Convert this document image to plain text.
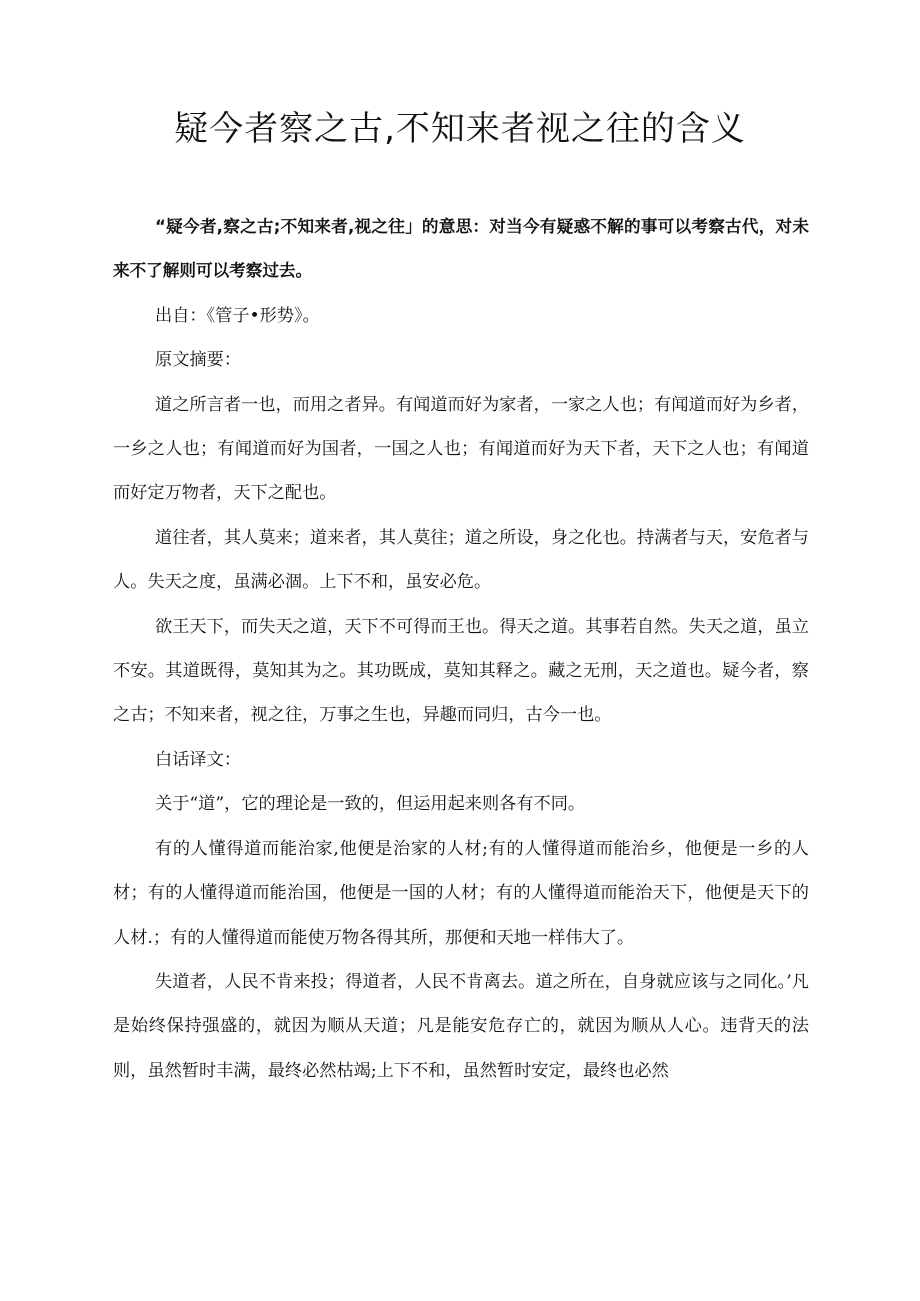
疑今者察之古,不知来者视之往的含义

“疑今者,察之古;不知来者,视之往」的意思：对当今有疑惑不解的事可以考察古代，对未来不了解则可以考察过去。

出自：《管子•形势》。

原文摘要：

道之所言者一也，而用之者异。有闻道而好为家者，一家之人也；有闻道而好为乡者，一乡之人也；有闻道而好为国者，一国之人也；有闻道而好为天下者，天下之人也；有闻道而好定万物者，天下之配也。

道往者，其人莫来；道来者，其人莫往；道之所设，身之化也。持满者与天，安危者与人。失天之度，虽满必涸。上下不和，虽安必危。

欲王天下，而失天之道，天下不可得而王也。得天之道。其事若自然。失天之道，虽立不安。其道既得，莫知其为之。其功既成，莫知其释之。藏之无刑，天之道也。疑今者，察之古；不知来者，视之往，万事之生也，异趣而同归，古今一也。

白话译文：

关于“道”，它的理论是一致的，但运用起来则各有不同。

有的人懂得道而能治家,他便是治家的人材;有的人懂得道而能治乡，他便是一乡的人材；有的人懂得道而能治国，他便是一国的人材；有的人懂得道而能治天下，他便是天下的人材.；有的人懂得道而能使万物各得其所，那便和天地一样伟大了。

失道者，人民不肯来投；得道者，人民不肯离去。道之所在，自身就应该与之同化。’凡是始终保持强盛的，就因为顺从天道；凡是能安危存亡的，就因为顺从人心。违背天的法则，虽然暂时丰满，最终必然枯竭;上下不和，虽然暂时安定，最终也必然
